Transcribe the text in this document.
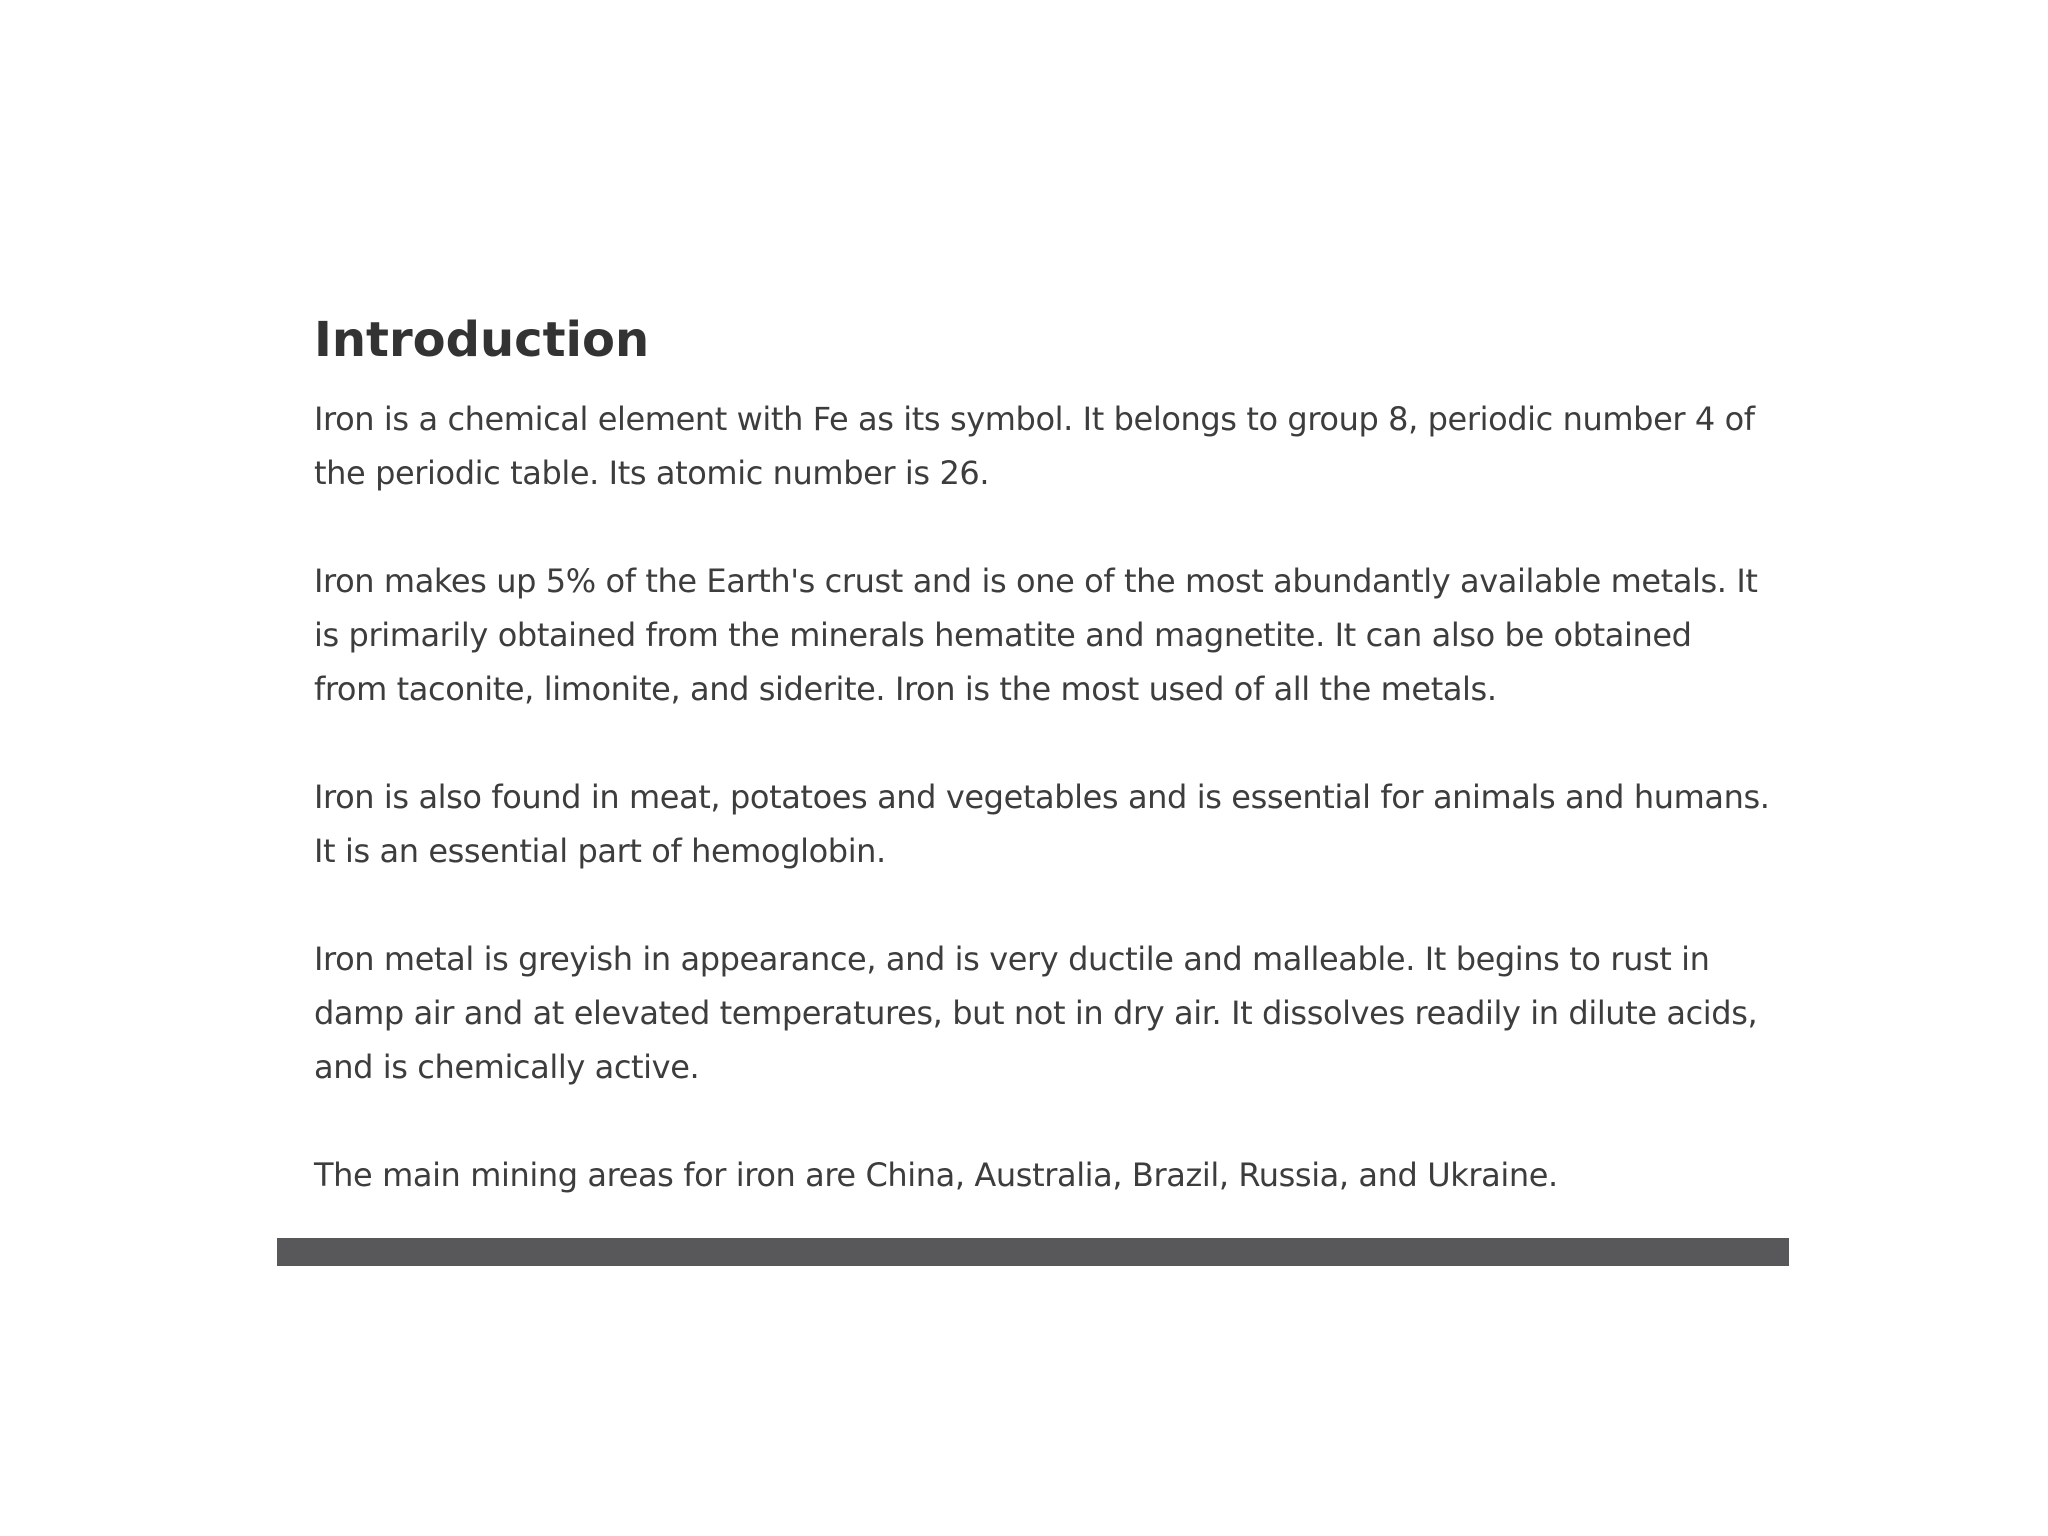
Introduction

Iron is a chemical element with Fe as its symbol. It belongs to group 8, periodic number 4 of the periodic table. Its atomic number is 26.

Iron makes up 5% of the Earth's crust and is one of the most abundantly available metals. It is primarily obtained from the minerals hematite and magnetite. It can also be obtained from taconite, limonite, and siderite. Iron is the most used of all the metals.

Iron is also found in meat, potatoes and vegetables and is essential for animals and humans. It is an essential part of hemoglobin.

Iron metal is greyish in appearance, and is very ductile and malleable. It begins to rust in damp air and at elevated temperatures, but not in dry air. It dissolves readily in dilute acids, and is chemically active.

The main mining areas for iron are China, Australia, Brazil, Russia, and Ukraine.
